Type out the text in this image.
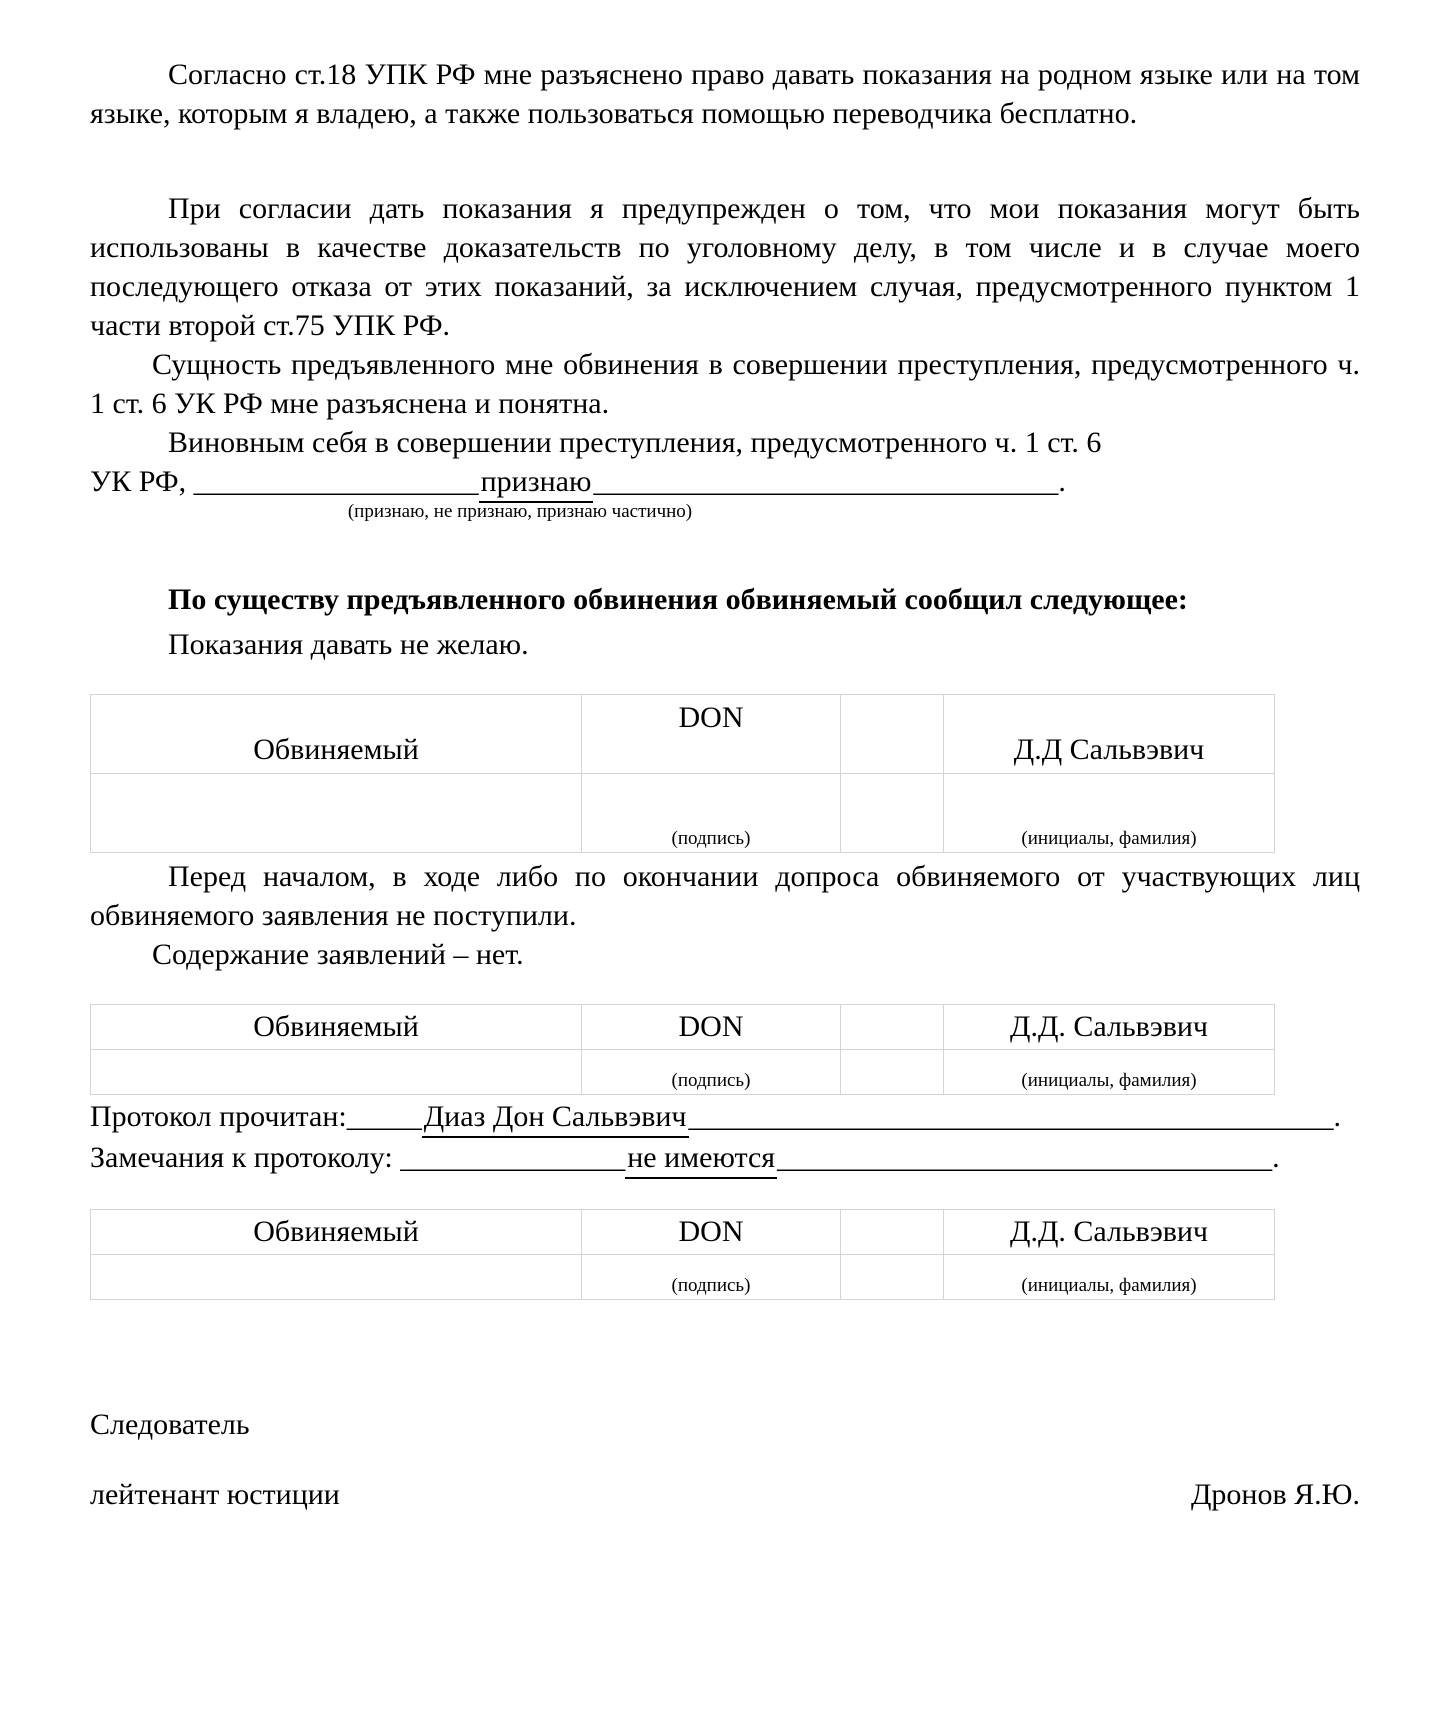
Согласно ст.18 УПК РФ мне разъяснено право давать показания на родном языке или на том языке, которым я владею, а также пользоваться помощью переводчика бесплатно.

При согласии дать показания я предупрежден о том, что мои показания могут быть использованы в качестве доказательств по уголовному делу, в том числе и в случае моего последующего отказа от этих показаний, за исключением случая, предусмотренного пунктом 1 части второй ст.75 УПК РФ.

Сущность предъявленного мне обвинения в совершении преступления, предусмотренного ч. 1 ст. 6 УК РФ мне разъяснена и понятна.

Виновным себя в совершении преступления, предусмотренного ч. 1 ст. 6

УК РФ, ___________________признаю_______________________________.
(признаю, не признаю, признаю частично)

По существу предъявленного обвинения обвиняемый сообщил следующее:

Показания давать не желаю.

Обвиняемый	DON		Д.Д Сальвэвич

	(подпись)		(инициалы, фамилия)

Перед началом, в ходе либо по окончании допроса обвиняемого от участвующих лиц обвиняемого заявления не поступили.

Содержание заявлений – нет.

Обвиняемый	DON		Д.Д. Сальвэвич

	(подпись)		(инициалы, фамилия)
Протокол прочитан:_____Диаз Дон Сальвэвич___________________________________________.
Замечания к протоколу: _______________не имеются_________________________________.
Обвиняемый	DON		Д.Д. Сальвэвич

	(подпись)		(инициалы, фамилия)
Следователь
лейтенант юстиции	Дронов Я.Ю.
